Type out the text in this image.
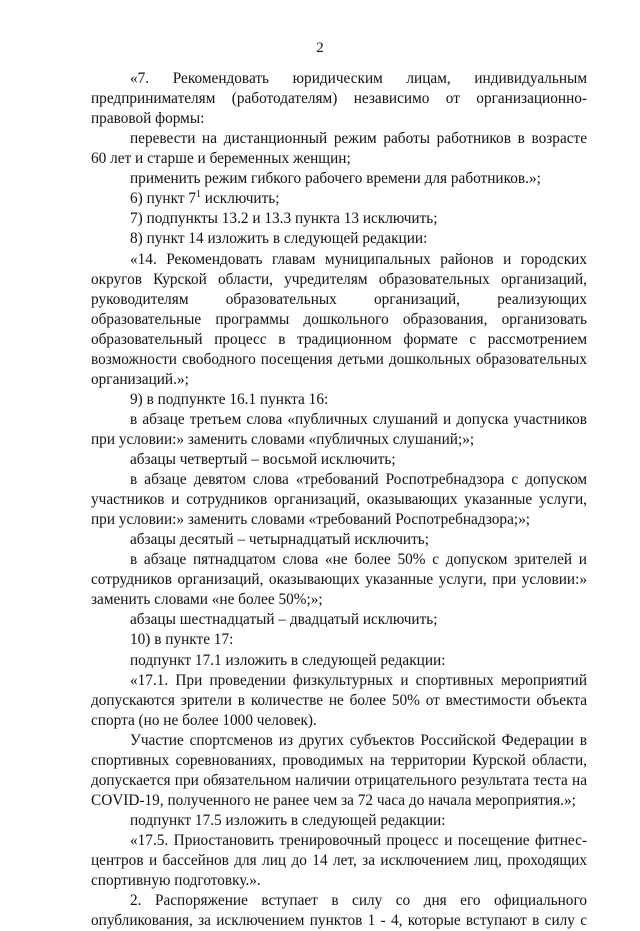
2
«7. Рекомендовать юридическим лицам, индивидуальным
предпринимателям (работодателям) независимо от организационно-
правовой формы:
перевести на дистанционный режим работы работников в возрасте
60 лет и старше и беременных женщин;
применить режим гибкого рабочего времени для работников.»;
6) пункт $7^1$ исключить;
7) подпункты 13.2 и 13.3 пункта 13 исключить;
8) пункт 14 изложить в следующей редакции:
«14. Рекомендовать главам муниципальных районов и городских
округов Курской области, учредителям образовательных организаций,
руководителям образовательных организаций, реализующих
образовательные программы дошкольного образования, организовать
образовательный процесс в традиционном формате с рассмотрением
возможности свободного посещения детьми дошкольных образовательных
организаций.»;
9) в подпункте 16.1 пункта 16:
в абзаце третьем слова «публичных слушаний и допуска участников
при условии:» заменить словами «публичных слушаний;»;
абзацы четвертый – восьмой исключить;
в абзаце девятом слова «требований Роспотребнадзора с допуском
участников и сотрудников организаций, оказывающих указанные услуги,
при условии:» заменить словами «требований Роспотребнадзора;»;
абзацы десятый – четырнадцатый исключить;
в абзаце пятнадцатом слова «не более 50% с допуском зрителей и
сотрудников организаций, оказывающих указанные услуги, при условии:»
заменить словами «не более 50%;»;
абзацы шестнадцатый – двадцатый исключить;
10) в пункте 17:
подпункт 17.1 изложить в следующей редакции:
«17.1. При проведении физкультурных и спортивных мероприятий
допускаются зрители в количестве не более 50% от вместимости объекта
спорта (но не более 1000 человек).
Участие спортсменов из других субъектов Российской Федерации в
спортивных соревнованиях, проводимых на территории Курской области,
допускается при обязательном наличии отрицательного результата теста на
COVID-19, полученного не ранее чем за 72 часа до начала мероприятия.»;
подпункт 17.5 изложить в следующей редакции:
«17.5. Приостановить тренировочный процесс и посещение фитнес-
центров и бассейнов для лиц до 14 лет, за исключением лиц, проходящих
спортивную подготовку.».
2. Распоряжение вступает в силу со дня его официального
опубликования, за исключением пунктов 1 - 4, которые вступают в силу с
